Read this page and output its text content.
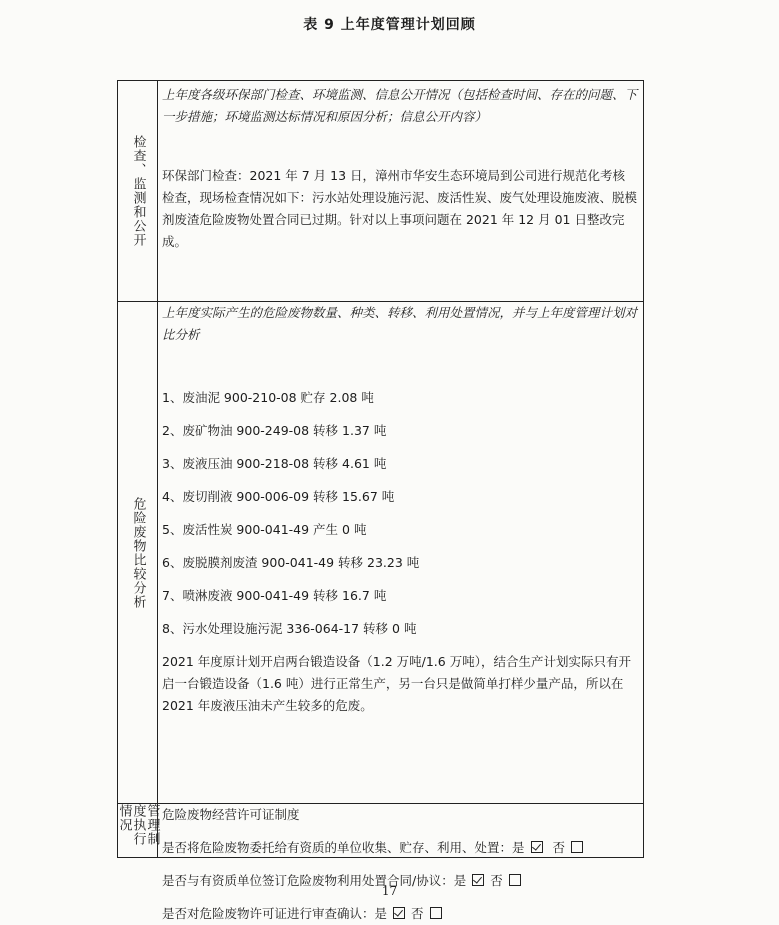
表 9 上年度管理计划回顾
检查、监测和公开
上年度各级环保部门检查、环境监测、信息公开情况（包括检查时间、存在的问题、下一步措施；环境监测达标情况和原因分析；信息公开内容）
环保部门检查：2021 年 7 月 13 日，漳州市华安生态环境局到公司进行规范化考核检查，现场检查情况如下：污水站处理设施污泥、废活性炭、废气处理设施废液、脱模剂废渣危险废物处置合同已过期。针对以上事项问题在 2021 年 12 月 01 日整改完成。
危险废物比较分析
上年度实际产生的危险废物数量、种类、转移、利用处置情况，并与上年度管理计划对比分析
1、废油泥 900-210-08 贮存 2.08 吨
2、废矿物油 900-249-08 转移 1.37 吨
3、废液压油 900-218-08 转移 4.61 吨
4、废切削液 900-006-09 转移 15.67 吨
5、废活性炭 900-041-49 产生 0 吨
6、废脱膜剂废渣 900-041-49 转移 23.23 吨
7、喷淋废液 900-041-49 转移 16.7 吨
8、污水处理设施污泥 336-064-17 转移 0 吨
2021 年度原计划开启两台锻造设备（1.2 万吨/1.6 万吨），结合生产计划实际只有开启一台锻造设备（1.6 吨）进行正常生产，另一台只是做简单打样少量产品，所以在 2021 年废液压油未产生较多的危废。
管理制度执行情况	危险废物经营许可证制度
是否将危险废物委托给有资质的单位收集、贮存、利用、处置：是 否
是否与有资质单位签订危险废物利用处置合同/协议：是 否
是否对危险废物许可证进行审查确认：是 否
17
